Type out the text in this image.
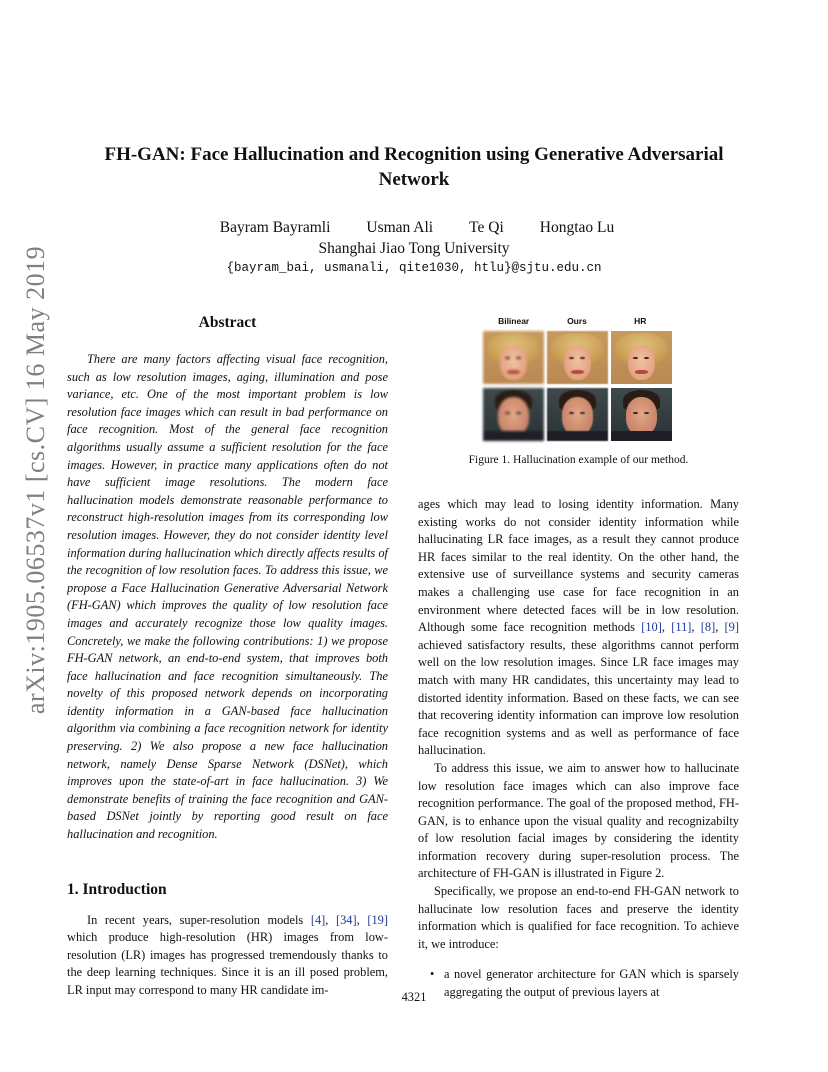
arXiv:1905.06537v1 [cs.CV] 16 May 2019
FH-GAN: Face Hallucination and Recognition using Generative Adversarial
Network
Bayram Bayramli Usman Ali Te Qi Hongtao Lu
Shanghai Jiao Tong University
{bayram_bai, usmanali, qite1030, htlu}@sjtu.edu.cn
Abstract
There are many factors affecting visual face recognition, such as low resolution images, aging, illumination and pose variance, etc. One of the most important problem is low resolution face images which can result in bad performance on face recognition. Most of the general face recognition algorithms usually assume a sufficient resolution for the face images. However, in practice many applications often do not have sufficient image resolutions. The modern face hallucination models demonstrate reasonable performance to reconstruct high-resolution images from its corresponding low resolution images. However, they do not consider identity level information during hallucination which directly affects results of the recognition of low resolution faces. To address this issue, we propose a Face Hallucination Generative Adversarial Network (FH-GAN) which improves the quality of low resolution face images and accurately recognize those low quality images. Concretely, we make the following contributions: 1) we propose FH-GAN network, an end-to-end system, that improves both face hallucination and face recognition simultaneously. The novelty of this proposed network depends on incorporating identity information in a GAN-based face hallucination algorithm via combining a face recognition network for identity preserving. 2) We also propose a new face hallucination network, namely Dense Sparse Network (DSNet), which improves upon the state-of-art in face hallucination. 3) We demonstrate benefits of training the face recognition and GAN-based DSNet jointly by reporting good result on face hallucination and recognition.
1. Introduction
In recent years, super-resolution models [4], [34], [19] which produce high-resolution (HR) images from low-resolution (LR) images has progressed tremendously thanks to the deep learning techniques. Since it is an ill posed problem, LR input may correspond to many HR candidate im-
Bilinear	Ours	HR
Figure 1. Hallucination example of our method.

ages which may lead to losing identity information. Many existing works do not consider identity information while hallucinating LR face images, as a result they cannot produce HR faces similar to the real identity. On the other hand, the extensive use of surveillance systems and security cameras makes a challenging use case for face recognition in an environment where detected faces will be in low resolution. Although some face recognition methods [10], [11], [8], [9] achieved satisfactory results, these algorithms cannot perform well on the low resolution images. Since LR face images may match with many HR candidates, this uncertainty may lead to distorted identity information. Based on these facts, we can see that recovering identity information can improve low resolution face recognition systems and as well as performance of face hallucination.

To address this issue, we aim to answer how to hallucinate low resolution face images which can also improve face recognition performance. The goal of the proposed method, FH-GAN, is to enhance upon the visual quality and recognizabilty of low resolution facial images by considering the identity information recovery during super-resolution process. The architecture of FH-GAN is illustrated in Figure 2.

Specifically, we propose an end-to-end FH-GAN network to hallucinate low resolution faces and preserve the identity information which is qualified for face recognition. To achieve it, we introduce:

• a novel generator architecture for GAN which is sparsely aggregating the output of previous layers at
4321
